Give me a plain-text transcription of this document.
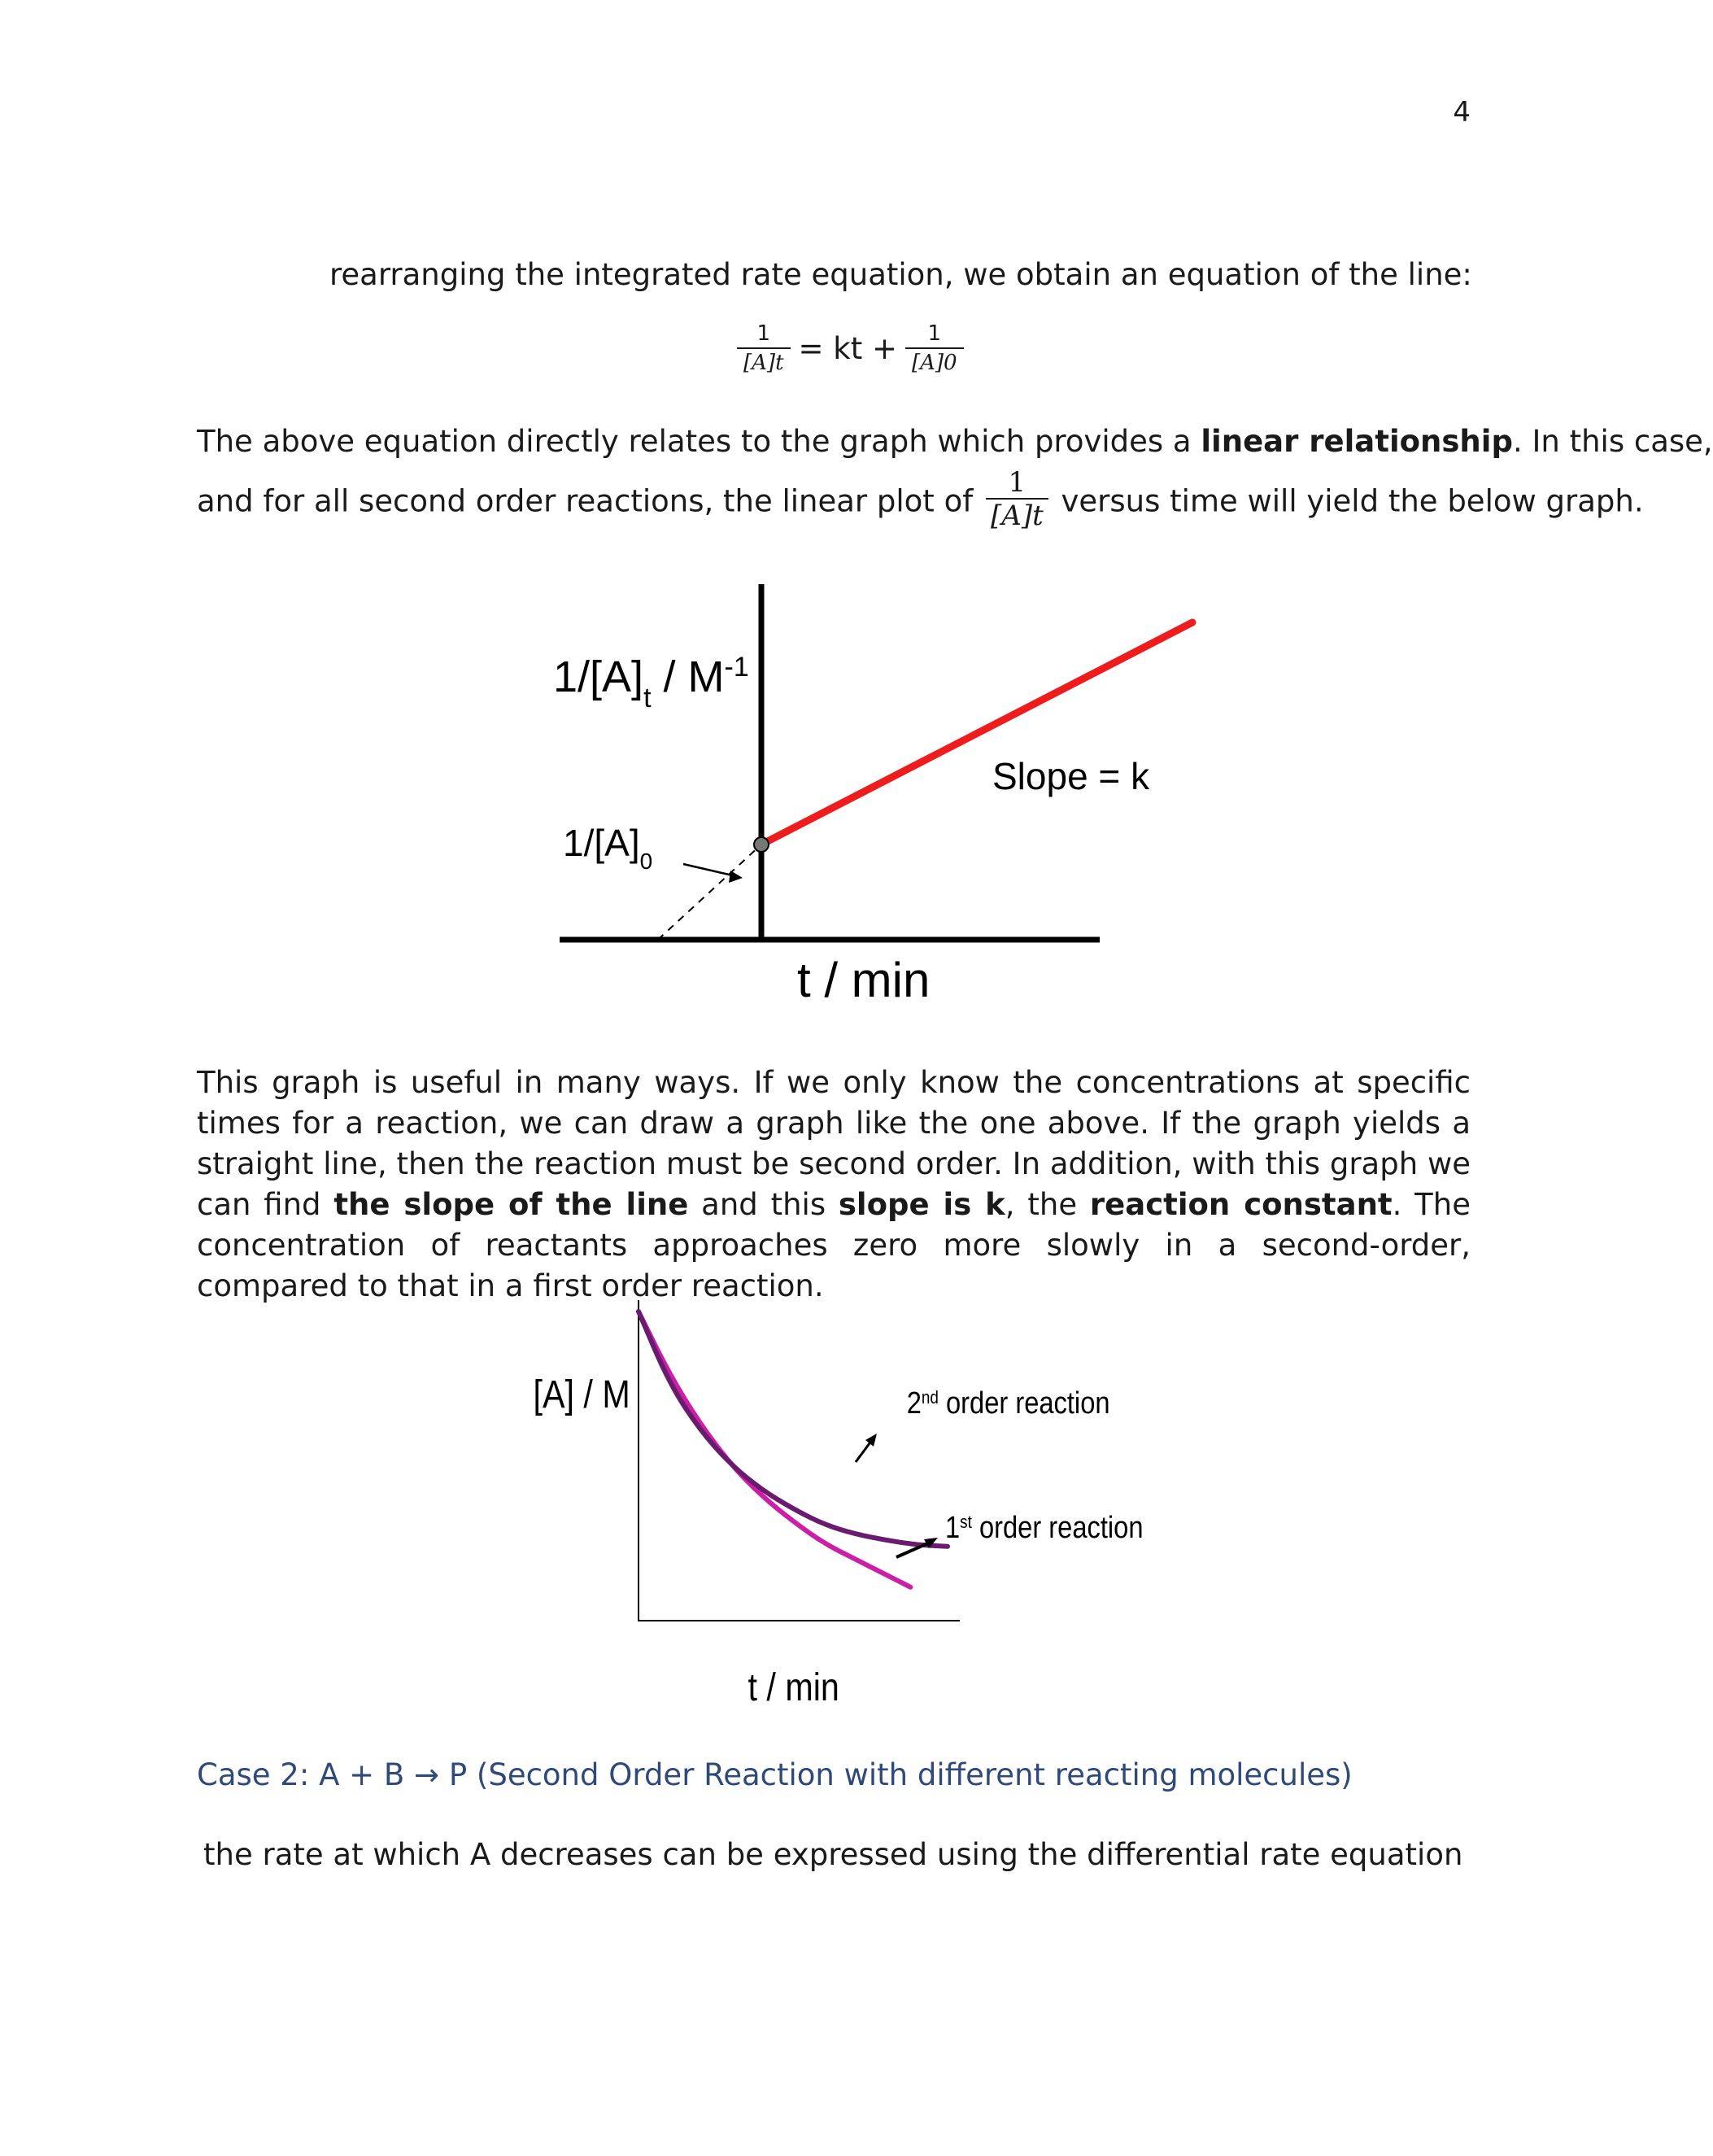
4
rearranging the integrated rate equation, we obtain an equation of the line:
$\frac{1}{[A]t}$ = kt + $\frac{1}{[A]0}$
The above equation directly relates to the graph which provides a linear relationship. In this case,
and for all second order reactions, the linear plot of $\frac{1}{[A]t}$ versus time will yield the below graph.
$1/[A]_t / M^{-1}$
Slope = k
$1/[A]_0$
t / min
This graph is useful in many ways. If we only know the concentrations at specific times for a reaction, we can draw a graph like the one above. If the graph yields a straight line, then the reaction must be second order. In addition, with this graph we can find the slope of the line and this slope is k, the reaction constant. The concentration of reactants approaches zero more slowly in a second-order, compared to that in a first order reaction.
[A] / M	2nd order reaction
1st order reaction
t / min
Case 2: A + B → P (Second Order Reaction with different reacting molecules)
the rate at which A decreases can be expressed using the differential rate equation
